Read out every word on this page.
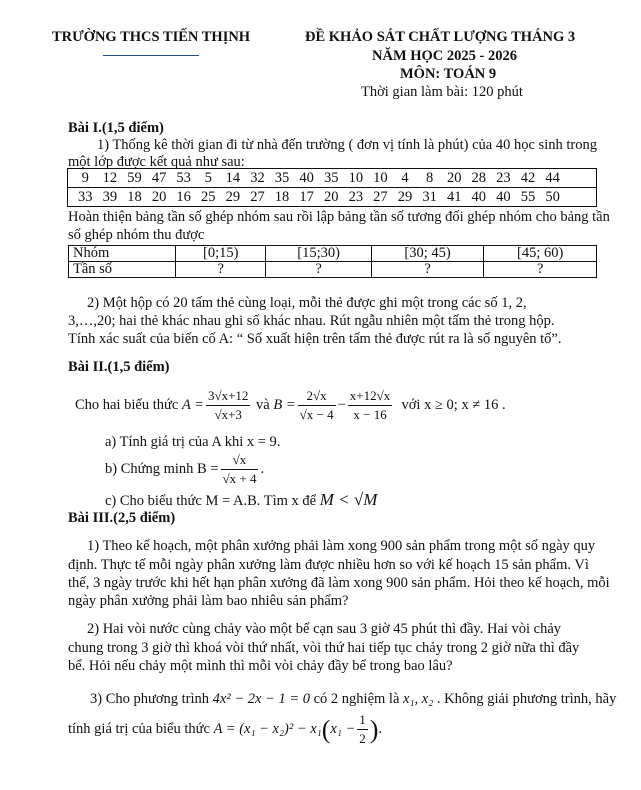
TRƯỜNG THCS TIẾN THỊNH	ĐỀ KHẢO SÁT CHẤT LƯỢNG THÁNG 3
NĂM HỌC 2025 - 2026
MÔN: TOÁN 9
Thời gian làm bài: 120 phút
Bài I.(1,5 điểm)
1) Thống kê thời gian đi từ nhà đến trường ( đơn vị tính là phút) của 40 học sinh trong
một lớp được kết quả như sau:
9 12 59 47 53 5 14 32 35 40 35 10 10 4	8 20 28 23 42 44

33 39 18 20 16 25 29 27 18 17 20 23 27 29 31 41 40 40 55 50
Hoàn thiện bảng tần số ghép nhóm sau rồi lập bảng tần số tương đối ghép nhóm cho bảng tần
số ghép nhóm thu được
Nhóm	[0;15)	[15;30)	[30; 45)	[45; 60)
Tần số	?	?	?	?
2) Một hộp có 20 tấm thẻ cùng loại, mỗi thẻ được ghi một trong các số 1, 2,
3,…,20; hai thẻ khác nhau ghi số khác nhau. Rút ngẫu nhiên một tấm thẻ trong hộp.
Tính xác suất của biến cố A: “ Số xuất hiện trên tấm thẻ được rút ra là số nguyên tố”.
Bài II.(1,5 điểm)
Cho hai biểu thức
$A = \frac{3√x+12}{√x+3}$
và
$B = \frac{2√x}{√x - 4} - \frac{x+12√x}{x - 16}$
với x ≥ 0; x ≠ 16 .
a) Tính giá trị của A khi x = 9.
b) Chứng minh $B = \frac{√x}{√x + 4}$ .
c) Cho biểu thức M = A.B. Tìm x để M < √M
Bài III.(2,5 điểm)
1) Theo kế hoạch, một phân xưởng phải làm xong 900 sản phẩm trong một số ngày quy
định. Thực tế mỗi ngày phân xưởng làm được nhiều hơn so với kế hoạch 15 sản phẩm. Vì
thế, 3 ngày trước khi hết hạn phân xưởng đã làm xong 900 sản phẩm. Hỏi theo kế hoạch, mỗi
ngày phân xưởng phải làm bao nhiêu sản phẩm?
2) Hai vòi nước cùng chảy vào một bể cạn sau 3 giờ 45 phút thì đầy. Hai vòi chảy
chung trong 3 giờ thì khoá vòi thứ nhất, vòi thứ hai tiếp tục chảy trong 2 giờ nữa thì đầy
bể. Hỏi nếu chảy một mình thì mỗi vòi chảy đầy bể trong bao lâu?
3) Cho phương trình 4x² − 2x − 1 = 0 có 2 nghiệm là x₁, x₂ . Không giải phương trình, hãy
tính giá trị của biểu thức
A = (x₁ − x₂)² − x₁ ( $x_1 - \frac{1}{2}$ ) .
